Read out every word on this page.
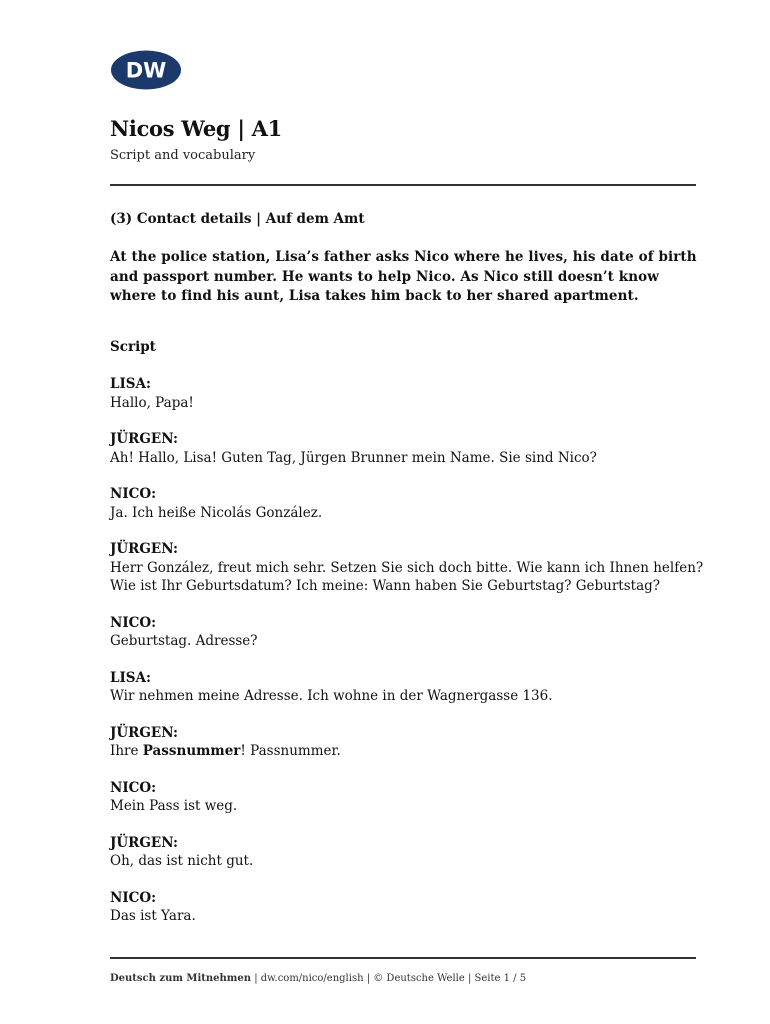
DW
Nicos Weg | A1
Script and vocabulary
(3) Contact details | Auf dem Amt
At the police station, Lisa’s father asks Nico where he lives, his date of birth and passport number. He wants to help Nico. As Nico still doesn’t know where to find his aunt, Lisa takes him back to her shared apartment.
Script
LISA:
Hallo, Papa!
JÜRGEN:
Ah! Hallo, Lisa! Guten Tag, Jürgen Brunner mein Name. Sie sind Nico?
NICO:
Ja. Ich heiße Nicolás González.
JÜRGEN:
Herr González, freut mich sehr. Setzen Sie sich doch bitte. Wie kann ich Ihnen helfen?
Wie ist Ihr Geburtsdatum? Ich meine: Wann haben Sie Geburtstag? Geburtstag?
NICO:
Geburtstag. Adresse?
LISA:
Wir nehmen meine Adresse. Ich wohne in der Wagnergasse 136.
JÜRGEN:
Ihre Passnummer! Passnummer.
NICO:
Mein Pass ist weg.
JÜRGEN:
Oh, das ist nicht gut.
NICO:
Das ist Yara.
Deutsch zum Mitnehmen | dw.com/nico/english | © Deutsche Welle | Seite 1 / 5
